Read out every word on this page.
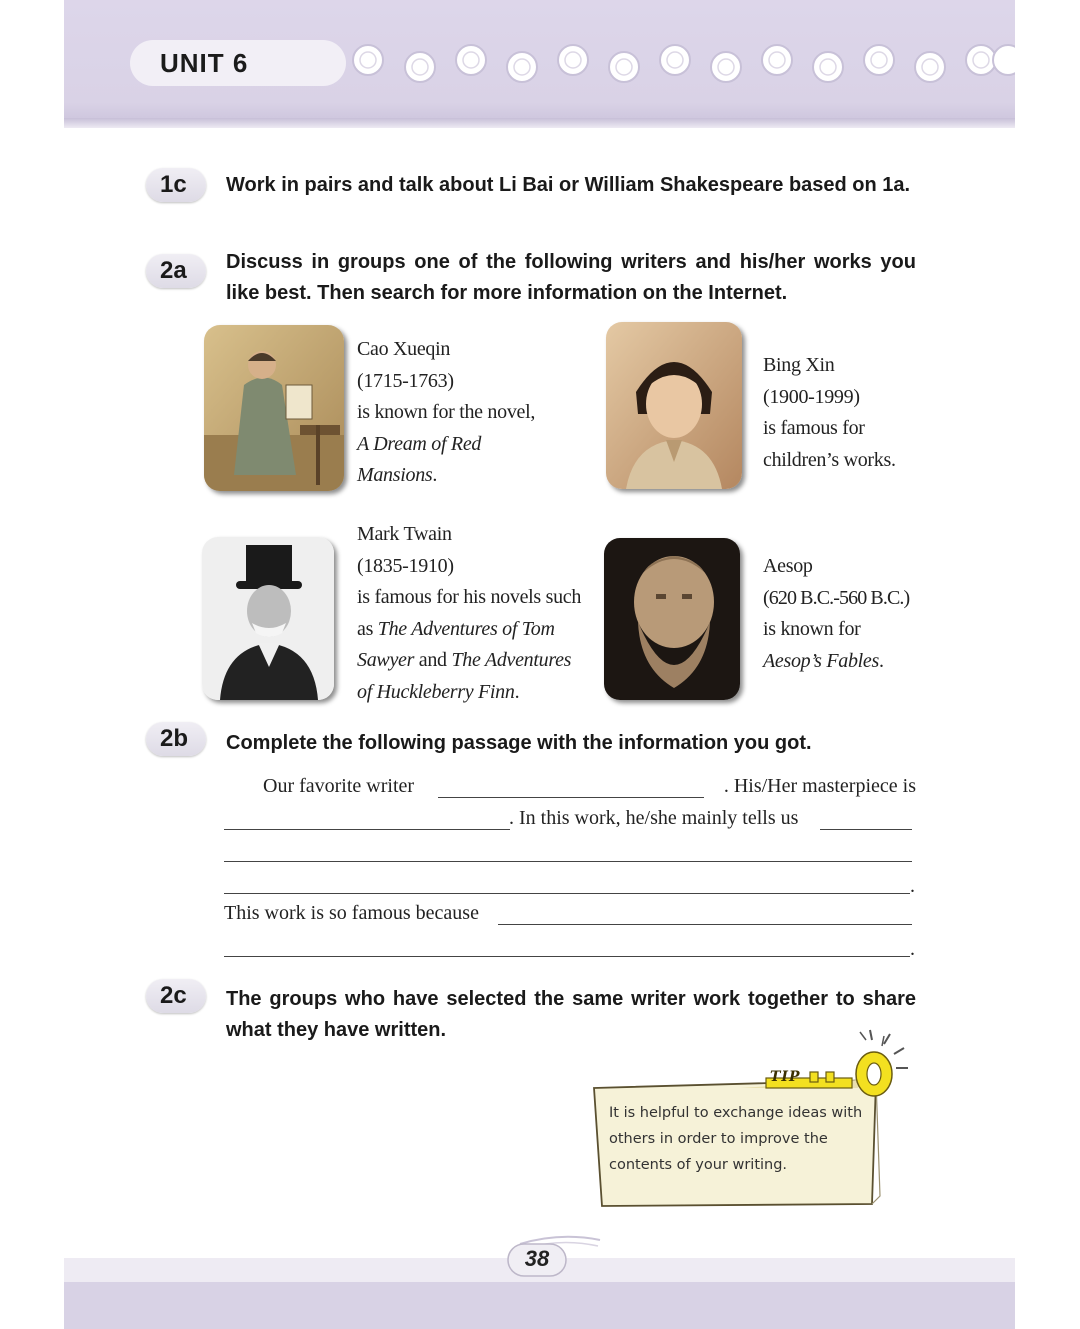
UNIT 6
1c	Work in pairs and talk about Li Bai or William Shakespeare based on 1a.
2a	Discuss in groups one of the following writers and his/her works you like best. Then search for more information on the Internet.
Cao Xueqin
(1715-1763)
is known for the novel,
A Dream of Red
Mansions.
Bing Xin
(1900-1999)
is famous for
children’s works.
Mark Twain
(1835-1910)
is famous for his novels such
as The Adventures of Tom
Sawyer and The Adventures
of Huckleberry Finn.
Aesop
(620 B.C.-560 B.C.)
is known for
Aesop’s Fables.
2b	Complete the following passage with the information you got.
Our favorite writer	. His/Her masterpiece is
. In this work, he/she mainly tells us
.
This work is so famous because
.
2c	The groups who have selected the same writer work together to share what they have written.
TIP
It is helpful to exchange ideas with
others in order to improve the
contents of your writing.
38
